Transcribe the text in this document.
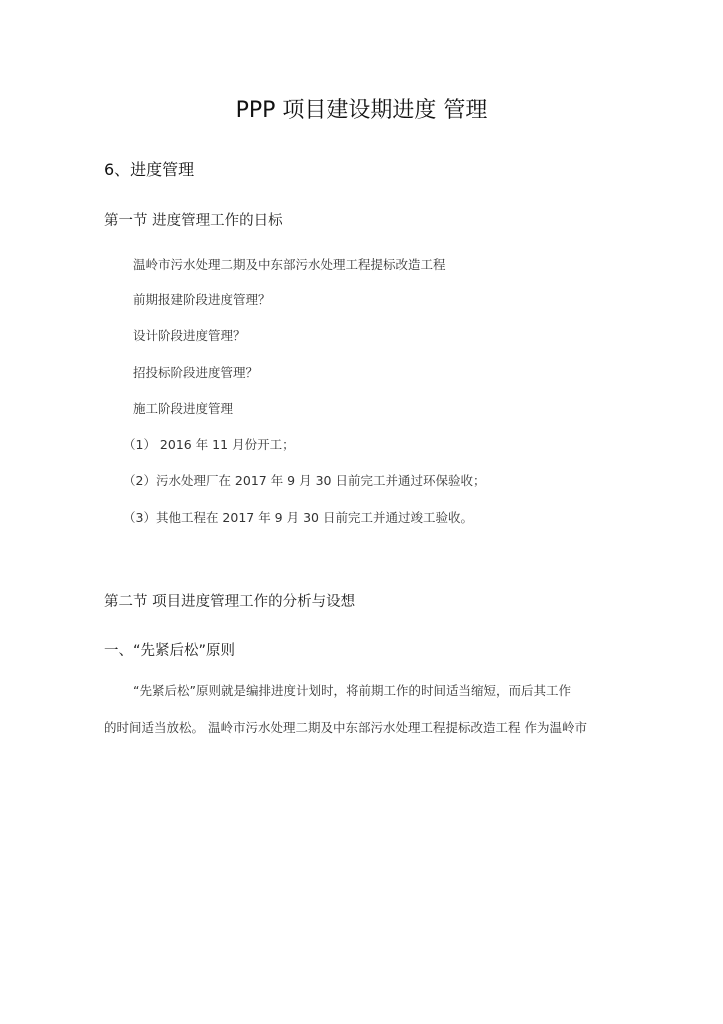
PPP 项目建设期进度 管理
6、进度管理
第一节 进度管理工作的日标
温岭市污水处理二期及中东部污水处理工程提标改造工程
前期报建阶段进度管理？
设计阶段进度管理？
招投标阶段进度管理？
施工阶段进度管理
（1） 2016 年 11 月份开工；
（2）污水处理厂在 2017 年 9 月 30 日前完工并通过环保验收；
（3）其他工程在 2017 年 9 月 30 日前完工并通过竣工验收。
第二节 项目进度管理工作的分析与设想
一、“先紧后松”原则
“先紧后松”原则就是编排进度计划时，将前期工作的时间适当缩短，而后其工作
的时间适当放松。 温岭市污水处理二期及中东部污水处理工程提标改造工程 作为温岭市
